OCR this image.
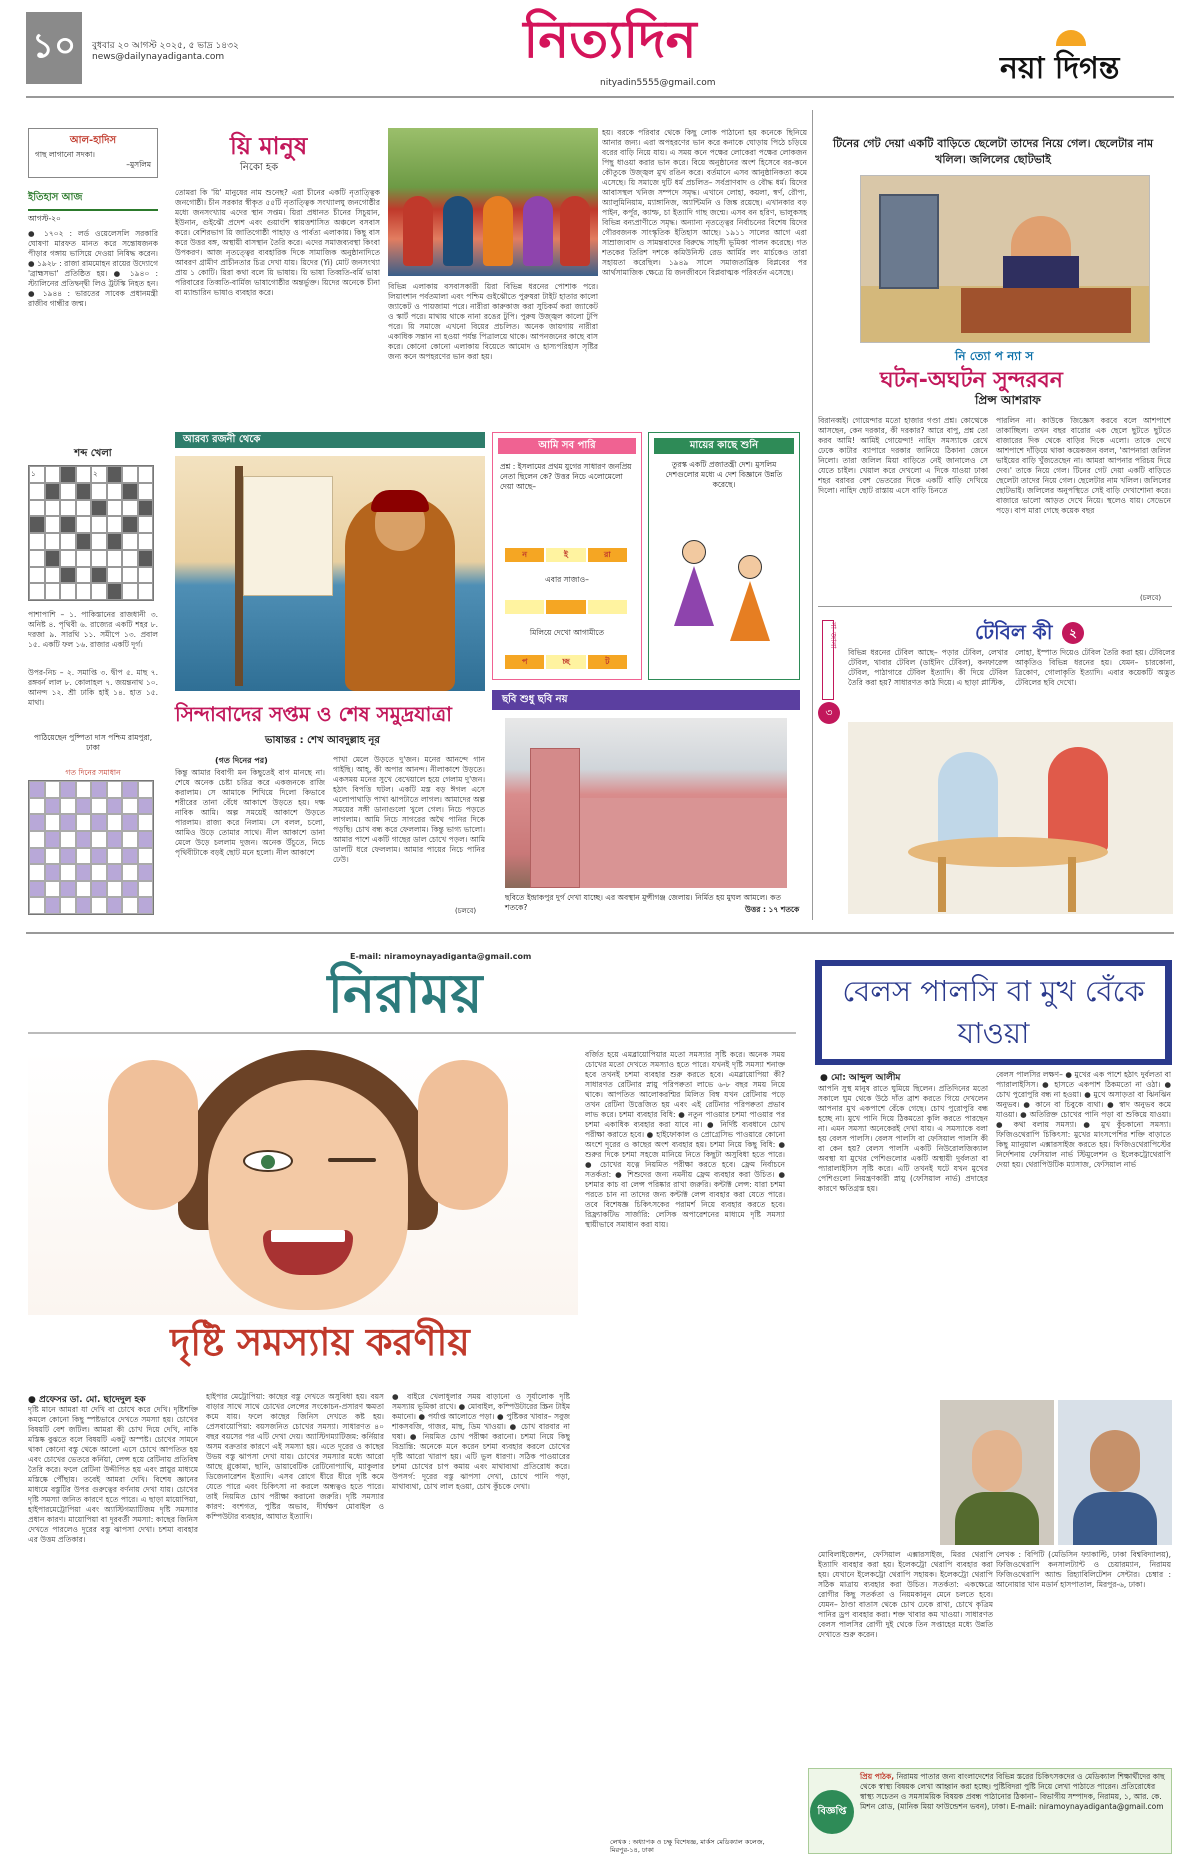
১০	বুধবার ২০ আগস্ট ২০২৫, ৫ ভাদ্র ১৪৩২
news@dailynayadiganta.com	নিত্যদিন
nityadin5555@gmail.com	নয়া দিগন্ত
আল-হাদিস
গাছ লাগানো সদকা।
–মুসলিম
ইতিহাস আজ
আগস্ট-২০
● ১৭০২ : লর্ড ওয়েলেসলি সরকারি ঘোষণা মারফত মানত করে সন্তোষজনক পীড়ার গঙ্গায় ভাসিয়ে দেওয়া নিষিদ্ধ করেন। ● ১৯২৮ : রাজা রামমোহন রায়ের উদ্যোগে 'ব্রাহ্মসভা' প্রতিষ্ঠিত হয়। ● ১৯৪০ : স্ট্যালিনের প্রতিদ্বন্দ্বী লিও ট্রটস্কি নিহত হন। ● ১৯৪৪ : ভারতের সাবেক প্রধানমন্ত্রী রাজীব গান্ধীর জন্ম।
শব্দ খেলা
১	২
পাশাপাশি – ১. পাকিস্তানের রাজধানী ৩. অনিষ্ট ৪. পৃথিবী ৬. রাজ্যের একটি শহর ৮. দরজা ৯. সারথি ১১. সমীপে ১৩. প্রবাল ১৫. একটি ফল ১৬. রাজার একটি দূর্গ।
উপর-নিচ – ২. সমাপ্তি ৩. দ্বীপ ৫. মাছ ৭. রঙ্গবর্ন লাল ৮. কোলাহল ৭. জয়ন্তনাথ ১০. আনন্দ ১২. শ্রী ঢাকি হাই ১৪. হাত ১৫. মাথা।
পাঠিয়েছেন পুষ্পিতা দাস পশ্চিম রামপুরা, ঢাকা
গত দিনের সমাধান
য়ি মানুষ
নিকো হক
তোমরা কি 'য়ি' মানুষের নাম শুনেছ? এরা চীনের একটি নৃতাত্ত্বিক জনগোষ্ঠী। চীন সরকার স্বীকৃত ৫৫টি নৃতাত্ত্বিক সংখ্যালঘু জনগোষ্ঠীর মধ্যে জনসংখ্যায় এদের স্থান সপ্তম। য়িরা প্রধানত চীনের সিচুয়ান, ইউনান, গুইঝৌ প্রদেশ এবং গুয়াংশি স্বায়ত্তশাসিত অঞ্চলে বসবাস করে। বেশিরভাগ য়ি জাতিগোষ্ঠী পাহাড় ও পার্বত্য এলাকায়। কিছু বাস করে উত্তর বঙ্গ, অস্থায়ী বাসস্থান তৈরি করে। এদের সমাজব্যবস্থা কিংবা উপকরণ। আজ নৃতত্ত্বের ব্যবহারিক দিকে সামাজিক অনুষ্ঠানাদিতে আবরণ গ্রামীণ প্রাচীনতার চিত্র দেখা যায়। য়িদের (Yi) মোট জনসংখ্যা প্রায় ১ কোটি। য়িরা কথা বলে য়ি ভাষায়। য়ি ভাষা তিব্বতি-বর্মি ভাষা পরিবারের তিব্বতি-বার্মিজ ভাষাগোষ্ঠীর অন্তর্ভুক্ত। য়িদের অনেকে চীনা বা ম্যান্ডারিন ভাষাও ব্যবহার করে।
বিভিন্ন এলাকায় বসবাসকারী য়িরা বিভিন্ন ধরনের পোশাক পরে। লিয়াংশান পর্বতমালা এবং পশ্চিম গুইঝৌতে পুরুষরা টাইট হাতার কালো জ্যাকেট ও পায়জামা পরে। নারীরা কারুকাজ করা সুচিকর্ম করা জ্যাকেট ও স্কার্ট পরে। মাথায় থাকে নানা রঙের টুপি। পুরুষ উজ্জ্বল কালো টুপি পরে। য়ি সমাজে এখনো বিয়ের প্রচলিত। অনেক জায়গায় নারীরা একাধিক সন্তান না হওয়া পর্যন্ত পিত্রালয়ে থাকে। আপনজনের কাছে বাস করে। কোনো কোনো এলাকায় বিয়েতে আমোদ ও হাস্যপরিহাস সৃষ্টির জন্য কনে অপহরণের ভান করা হয়।
হয়। বরকে পরিবার থেকে কিছু লোক পাঠানো হয় কনেকে ছিনিয়ে আনার জন্য। এরা অপহরণের ভান করে কনাকে ঘোড়ায় পিঠে চড়িয়ে বরের বাড়ি নিয়ে যায়। এ সময় কনে পক্ষের লোকেরা পক্ষের লোকজন পিছু ধাওয়া করার ভান করে। বিয়ে অনুষ্ঠানের অংশ হিসেবে বর-কনে কৌতুকে উজ্জ্বল মুখ রঙিন করে। বর্তমানে এসব আনুষ্ঠানিকতা কমে এসেছে। য়ি সমাজে দুটি ধর্ম প্রচলিত– সর্বপ্রাণবাদ ও বৌদ্ধ ধর্ম। য়িদের আবাসস্থল খনিজ সম্পদে সমৃদ্ধ। এখানে লোহা, কয়লা, স্বর্ণ, রৌপ্য, অ্যালুমিনিয়াম, ম্যাঙ্গানিজ, অ্যান্টিমনি ও জিঙ্ক রয়েছে। এখানকার বড় পাইন, কর্পূর, ক্যাম্ফ, চা ইত্যাদি গাছ জন্মে। এসব বন হরিণ, ভালুকসহ বিভিন্ন বন্যপ্রাণীতে সমৃদ্ধ। অন্যান্য নৃতত্ত্বের নির্বাচনের বিশেষ য়িদের গৌরবজনক সাংস্কৃতিক ইতিহাস আছে। ১৯১১ সালের আগে এরা সাম্রাজ্যবাদ ও সামন্তবাদের বিরুদ্ধে সাহসী ভূমিকা পালন করেছে। গত শতকের তিরিশ দশকে কমিউনিস্ট রেড আর্মির লং মার্চকেও তারা সহায়তা করেছিল। ১৯৪৯ সালে সমাজতান্ত্রিক বিপ্লবের পর আর্থসামাজিক ক্ষেত্রে য়ি জনজীবনে বিপ্লবাত্মক পরিবর্তন এসেছে।
টিনের গেট দেয়া একটি বাড়িতে ছেলেটা তাদের নিয়ে গেল। ছেলেটার নাম খলিল। জলিলের ছোটভাই
নি ত্যো প ন্যা স
ঘটন-অঘটন সুন্দরবন
প্রিন্স আশরাফ
বিরানব্বই। গোয়েন্দার মতো হাজার গণ্ডা প্রশ্ন। কোত্থেকে আসছেন, কেন দরকার, কী দরকার? আরে বাপু, প্রশ্ন তো করব আমি! আমিই গোয়েন্দা! নাহিদ সমস্যাকে রেখে ঢেকে কাটার ব্যাপারে দরকার জানিয়ে ঠিকানা জেনে নিলো। তারা জলিল মিয়া বাড়িতে নেই জানালেও সে যেতে চাইল। খেয়াল করে দেখলো এ দিকে যাওয়া ঢাকা শহর বরাবর বেশ ভেতরের দিকে একটি বাড়ি দেখিয়ে দিলো। নাহিদ ছোট রাস্তায় এসে বাড়ি চিনতে
পারলিন না। কাউকে জিজ্ঞেস করবে বলে আশপাশে তাকাচ্ছিল। তখন বছর বারোর এক ছেলে ছুটতে ছুটতে বাজারের দিক থেকে বাড়ির দিকে এলো। তাকে দেখে আশপাশে দাঁড়িয়ে থাকা কয়েকজন বলল, 'আপনারা জলিল ভাইয়ের বাড়ি খুঁজতেছেন না। আমরা আপনার পরিচয় দিয়ে দেব।' তাকে নিয়ে গেল। টিনের গেট দেয়া একটি বাড়িতে ছেলেটা তাদের নিয়ে গেল। ছেলেটার নাম খলিল। জলিলের ছোটভাই। জলিলের অনুপস্থিতে সেই বাড়ি দেখাশোনা করে। বাজারে ভালো আড়ত দেখে নিয়ে। স্থলেও যায়। সেভেনে পড়ে। বাপ মারা গেছে কয়েক বছর
(চলবে)
আরব্য রজনী থেকে
সিন্দাবাদের সপ্তম ও শেষ সমুদ্রযাত্রা
ভাষান্তর : শেখ আবদুল্লাহ নূর
(গত দিনের পর)
কিন্তু আমার বিবাগী মন কিছুতেই বাগ মানছে না। শেষে অনেক চেষ্টা চরিত্র করে একজনকে রাজি করালাম। সে আমাকে শিখিয়ে দিলো কিভাবে শরীরের তানা বেঁধে আকাশে উড়তে হয়। দক্ষ নাবিক আমি। অল্প সময়েই আকাশে উড়তে পারলাম। রাজ্য করে নিলাম। সে বলল, চলো, আমিও উড়ে তোমার সাথে। নীল আকাশে ডানা মেলে উড়ে চললাম দুজন। অনেক উঁচুতে, নিচে পৃথিবীটাকে বড়ই ছোট মনে হলো। নীল আকাশে
পাখা মেলে উড়তে দু'জন। মনের আনন্দে গান গাইছি। আহ্, কী অপার আনন্দ। নীলাকাশে উড়তে। একসময় মনের সুখে বেখেয়ালে হয়ে গেলাম দু'জন। হঠাৎ বিপত্তি ঘটল। একটি মস্ত বড় ঈগল এসে এলোপাথাড়ি পাখা ঝাপটাতে লাগল। আমাদের অল্প সময়ের সঙ্গী ডানাগুলো খুলে গেল। নিচে পড়তে লাগলাম। আমি নিচে সাগরের অথৈ পানির দিকে পড়ছি। চোখ বন্ধ করে ফেললাম। কিন্তু ভাগ্য ভালো। আমার পাশে একটি গাছের ডাল চোখে পড়ল। আমি ডালটি ধরে ফেললাম। আমার পায়ের নিচে পানির ঢেউ।
(চলবে)
আমি সব পারি
প্রশ্ন : ইসলামের প্রথম যুগের সাধারণ জনপ্রিয় নেতা ছিলেন কে? উত্তর নিচে এলোমেলো দেয়া আছে–
ন	ই	রা
এবার সাজাও–
মিলিয়ে দেখো আগামীতে
প	চ্ছ	ট
মায়ের কাছে শুনি
তুরস্ক একটি প্রজাতন্ত্রী দেশ। মুসলিম দেশগুলোর মধ্যে এ দেশ বিজ্ঞানে উন্নতি করেছে।
ছবি শুধু ছবি নয়
ছবিতে ইন্দ্রাকপুর দুর্গ দেখা যাচ্ছে। এর অবস্থান মুন্সীগঞ্জ জেলায়। নির্মিত হয় মুঘল আমলে। কত শতকে?	উত্তর : ১৭ শতকে
৩
না-জানা	টেবিল কী	২
বিভিন্ন ধরনের টেবিল আছে– পড়ার টেবিল, লেখার টেবিল, খাবার টেবিল (ডাইনিং টেবিল), কনফারেন্স টেবিল, পাঠাগারে টেবিল ইত্যাদি। কী দিয়ে টেবিল তৈরি করা হয়? সাধারণত কাঠ দিয়ে। এ ছাড়া প্লাস্টিক,
লোহা, ইস্পাত দিয়েও টেবিল তৈরি করা হয়। টেবিলের আকৃতিও বিভিন্ন ধরনের হয়। যেমন– চারকোনা, ত্রিকোণ, গোলাকৃতি ইত্যাদি। এবার কয়েকটি অদ্ভুত টেবিলের ছবি দেখো।
E-mail: niramoynayadiganta@gmail.com
নিরাময়
দৃষ্টি সমস্যায় করণীয়
● প্রফেসর ডা. মো. ছাদেদুল হক
দৃষ্টি মানে আমরা যা দেখি বা চোখে করে দেখি। দৃষ্টিশক্তি কমলে কোনো কিছু স্পষ্টভাবে দেখতে সমস্যা হয়। চোখের বিষয়টি বেশ জটিল। আমরা কী চোখ দিয়ে দেখি, নাকি মস্তিষ্ক বুঝতে বলে বিষয়টি একটু অস্পষ্ট। চোখের সামনে থাকা কোনো বস্তু থেকে আলো এসে চোখে আপতিত হয় এবং চোখের ভেতরে কর্নিয়া, লেন্স হয়ে রেটিনায় প্রতিবিম্ব তৈরি করে। ফলে রেটিনা উদ্দীপিত হয় এবং স্নায়ুর মাধ্যমে মস্তিষ্কে পৌঁছায়। তবেই আমরা দেখি। বিশেষ জ্ঞানের মাধ্যমে বস্তুটির উপর গুরুত্বের বর্ণনায় দেখা যায়। চোখের দৃষ্টি সমস্যা জনিত কারণে হতে পারে। এ ছাড়া মায়োপিয়া, হাইপারমেট্রোপিয়া এবং অ্যাস্টিগম্যাটিজম দৃষ্টি সমস্যার প্রধান কারণ। মায়োপিয়া বা দূরবর্তী সমস্যা: কাছের জিনিস দেখতে পারলেও দূরের বস্তু ঝাপসা দেখা। চশমা ব্যবহার এর উত্তম প্রতিকার।
হাইপার মেট্রোপিয়া: কাছের বস্তু দেখতে অসুবিধা হয়। বয়স বাড়ার সাথে সাথে চোখের লেন্সের সংকোচন-প্রসারণ ক্ষমতা কমে যায়। ফলে কাছের জিনিস দেখতে কষ্ট হয়। প্রেসবায়োপিয়া: বয়সজনিত চোখের সমস্যা। সাধারণত ৪০ বছর বয়সের পর এটি দেখা দেয়। অ্যাস্টিগম্যাটিজম: কর্নিয়ার অসম বক্রতার কারণে এই সমস্যা হয়। এতে দূরের ও কাছের উভয় বস্তু ঝাপসা দেখা যায়। চোখের সমস্যার মধ্যে আরো আছে গ্লুকোমা, ছানি, ডায়াবেটিক রেটিনোপ্যাথি, ম্যাকুলার ডিজেনারেশন ইত্যাদি। এসব রোগে ধীরে ধীরে দৃষ্টি কমে যেতে পারে এবং চিকিৎসা না করলে অন্ধত্বও হতে পারে। তাই নিয়মিত চোখ পরীক্ষা করানো জরুরি। দৃষ্টি সমস্যার কারণ: বংশগত, পুষ্টির অভাব, দীর্ঘক্ষণ মোবাইল ও কম্পিউটার ব্যবহার, আঘাত ইত্যাদি।
● বাইরে খেলাধুলার সময় বাড়ানো ও সূর্যালোক দৃষ্টি সমস্যায় ভূমিকা রাখে। ● মোবাইল, কম্পিউটারের স্ক্রিন টাইম কমানো। ● পর্যাপ্ত আলোতে পড়া। ● পুষ্টিকর খাবার– সবুজ শাকসবজি, গাজর, মাছ, ডিম খাওয়া। ● চোখ বারবার না ঘষা। ● নিয়মিত চোখ পরীক্ষা করানো। চশমা নিয়ে কিছু বিভ্রান্তি: অনেকে মনে করেন চশমা ব্যবহার করলে চোখের দৃষ্টি আরো খারাপ হয়। এটি ভুল ধারণা। সঠিক পাওয়ারের চশমা চোখের চাপ কমায় এবং মাথাব্যথা প্রতিরোধ করে। উপসর্গ: দূরের বস্তু ঝাপসা দেখা, চোখে পানি পড়া, মাথাব্যথা, চোখ লাল হওয়া, চোখ কুঁচকে দেখা।
বর্জিত হয়ে এমব্লায়োপিয়ার মতো সমস্যার সৃষ্টি করে। অনেক সময় চোখের মতো দেখতে সমস্যাও হতে পারে। যখনই দৃষ্টি সমস্যা শনাক্ত হবে তখনই চশমা ব্যবহার শুরু করতে হবে। এমব্লায়োপিয়া কী? সাধারণত রেটিনার স্নায়ু পরিপক্বতা লাভে ৬-৮ বছর সময় নিয়ে থাকে। আপতিত আলোকরশ্মির মিলিত বিম্ব যখন রেটিনায় পড়ে তখন রেটিনা উত্তেজিত হয় এবং এই রেটিনার পরিপক্বতা প্রভাব লাভ করে। চশমা ব্যবহার বিধি: ● নতুন পাওয়ার চশমা পাওয়ার পর চশমা একাধিক ব্যবহার করা যাবে না। ● নির্দিষ্ট ব্যবধানে চোখ পরীক্ষা করাতে হবে। ● হাইফোকাল ও প্রোগ্রেসিভ পাওয়ারে কোনো অংশে দূরের ও কাছের অংশ ব্যবহার হয়। চশমা নিয়ে কিছু বিধি: ● শুরুর দিকে চশমা সহজে মানিয়ে নিতে কিছুটা অসুবিধা হতে পারে। ● চোখের যত্নে নিয়মিত পরীক্ষা করতে হবে। ফ্রেম নির্বাচনে সতর্কতা: ● শিশুদের জন্য নমনীয় ফ্রেম ব্যবহার করা উচিত। ● চশমার কাচ বা লেন্স পরিষ্কার রাখা জরুরি। কন্টাক্ট লেন্স: যারা চশমা পরতে চান না তাদের জন্য কন্টাক্ট লেন্স ব্যবহার করা যেতে পারে। তবে বিশেষজ্ঞ চিকিৎসকের পরামর্শ নিয়ে ব্যবহার করতে হবে। রিফ্র্যাকটিভ সার্জারি: লেসিক অপারেশনের মাধ্যমে দৃষ্টি সমস্যা স্থায়ীভাবে সমাধান করা যায়।
লেখক : অধ্যাপক ও চক্ষু বিশেষজ্ঞ, মার্কস মেডিক্যাল কলেজ, মিরপুর-১৪, ঢাকা
বেলস পালসি বা মুখ বেঁকে যাওয়া
● মো: আব্দুল আলীম
আপনি সুস্থ মানুষ রাতে ঘুমিয়ে ছিলেন। প্রতিদিনের মতো সকালে ঘুম থেকে উঠে দাঁত ব্রাশ করতে গিয়ে দেখলেন আপনার মুখ একপাশে বেঁকে গেছে। চোখ পুরোপুরি বন্ধ হচ্ছে না। মুখে পানি দিয়ে ঠিকমতো কুলি করতে পারছেন না। এমন সমস্যা অনেকেরই দেখা যায়। এ সমস্যাকে বলা হয় বেলস পালসি। বেলস পালসি বা ফেসিয়াল পালসি কী বা কেন হয়? বেলস পালসি একটি নিউরোলজিক্যাল অবস্থা যা মুখের পেশিগুলোর একটি অস্থায়ী দুর্বলতা বা প্যারালাইসিস সৃষ্টি করে। এটি তখনই ঘটে যখন মুখের পেশিগুলো নিয়ন্ত্রণকারী স্নায়ু (ফেসিয়াল নার্ভ) প্রদাহের কারণে ক্ষতিগ্রস্ত হয়।
বেলস পালসির লক্ষণ– ● মুখের এক পাশে হঠাৎ দুর্বলতা বা প্যারালাইসিস। ● হাসতে একপাশ ঠিকমতো না ওঠা। ● চোখ পুরোপুরি বন্ধ না হওয়া। ● মুখে অসাড়তা বা ঝিনঝিন অনুভব। ● কানে বা চিবুকে ব্যথা। ● স্বাদ অনুভব কমে যাওয়া। ● অতিরিক্ত চোখের পানি পড়া বা শুকিয়ে যাওয়া। ● কথা বলায় সমস্যা। ● মুখ কুঁচকানো সমস্যা। ফিজিওথেরাপি চিকিৎসা: মুখের মাংসপেশির শক্তি বাড়াতে কিছু ম্যানুয়াল এক্সারসাইজ করতে হয়। ফিজিওথেরাপিস্টের নির্দেশনায় ফেসিয়াল নার্ভ স্টিমুলেশন ও ইলেকট্রোথেরাপি দেয়া হয়। থেরাপিউটিক ম্যাসাজ, ফেসিয়াল নার্ভ
মোবিলাইজেশন, ফেসিয়াল এক্সারসাইজ, মিরর থেরাপি ইত্যাদি ব্যবহার করা হয়। ইলেকট্রো থেরাপি ব্যবহার করা হয়। যেখানে ইলেকট্রো থেরাপি সহায়ক। ইলেকট্রো থেরাপি সঠিক মাত্রায় ব্যবহার করা উচিত। সতর্কতা: একক্ষেত্রে রোগীর কিছু সতর্কতা ও নিয়মকানুন মেনে চলতে হবে। যেমন– ঠাণ্ডা বাতাস থেকে চোখ ঢেকে রাখা, চোখে কৃত্রিম পানির ড্রপ ব্যবহার করা। শক্ত খাবার কম খাওয়া। সাধারণত বেলস পালসির রোগী দুই থেকে তিন সপ্তাহের মধ্যে উন্নতি দেখাতে শুরু করেন।
লেখক : বিপিটি (মেডিসিন ফ্যাকাল্টি, ঢাকা বিশ্ববিদ্যালয়), ফিজিওথেরাপি কনসালট্যান্ট ও চেয়ারম্যান, নিরাময় ফিজিওথেরাপি অ্যান্ড রিহ্যাবিলিটেশন সেন্টার। চেম্বার : আনোয়ার খান মডার্ন হাসপাতাল, মিরপুর-৬, ঢাকা।
বিজ্ঞপ্তি
প্রিয় পাঠক, নিরাময় পাতার জন্য বাংলাদেশের বিভিন্ন স্তরের চিকিৎসকদের ও মেডিক্যাল শিক্ষার্থীদের কাছ থেকে স্বাস্থ্য বিষয়ক লেখা আহ্বান করা হচ্ছে। পুষ্টিবিদরা পুষ্টি নিয়ে লেখা পাঠাতে পারেন। প্রতিরোধের স্বাস্থ্য সচেতন ও সমসাময়িক বিষয়ক প্রবন্ধ পাঠানোর ঠিকানা– বিভাগীয় সম্পাদক, নিরাময়, ১, আর. কে. মিশন রোড, (মানিক মিয়া ফাউন্ডেশন ভবন), ঢাকা। E-mail: niramoynayadiganta@gmail.com
